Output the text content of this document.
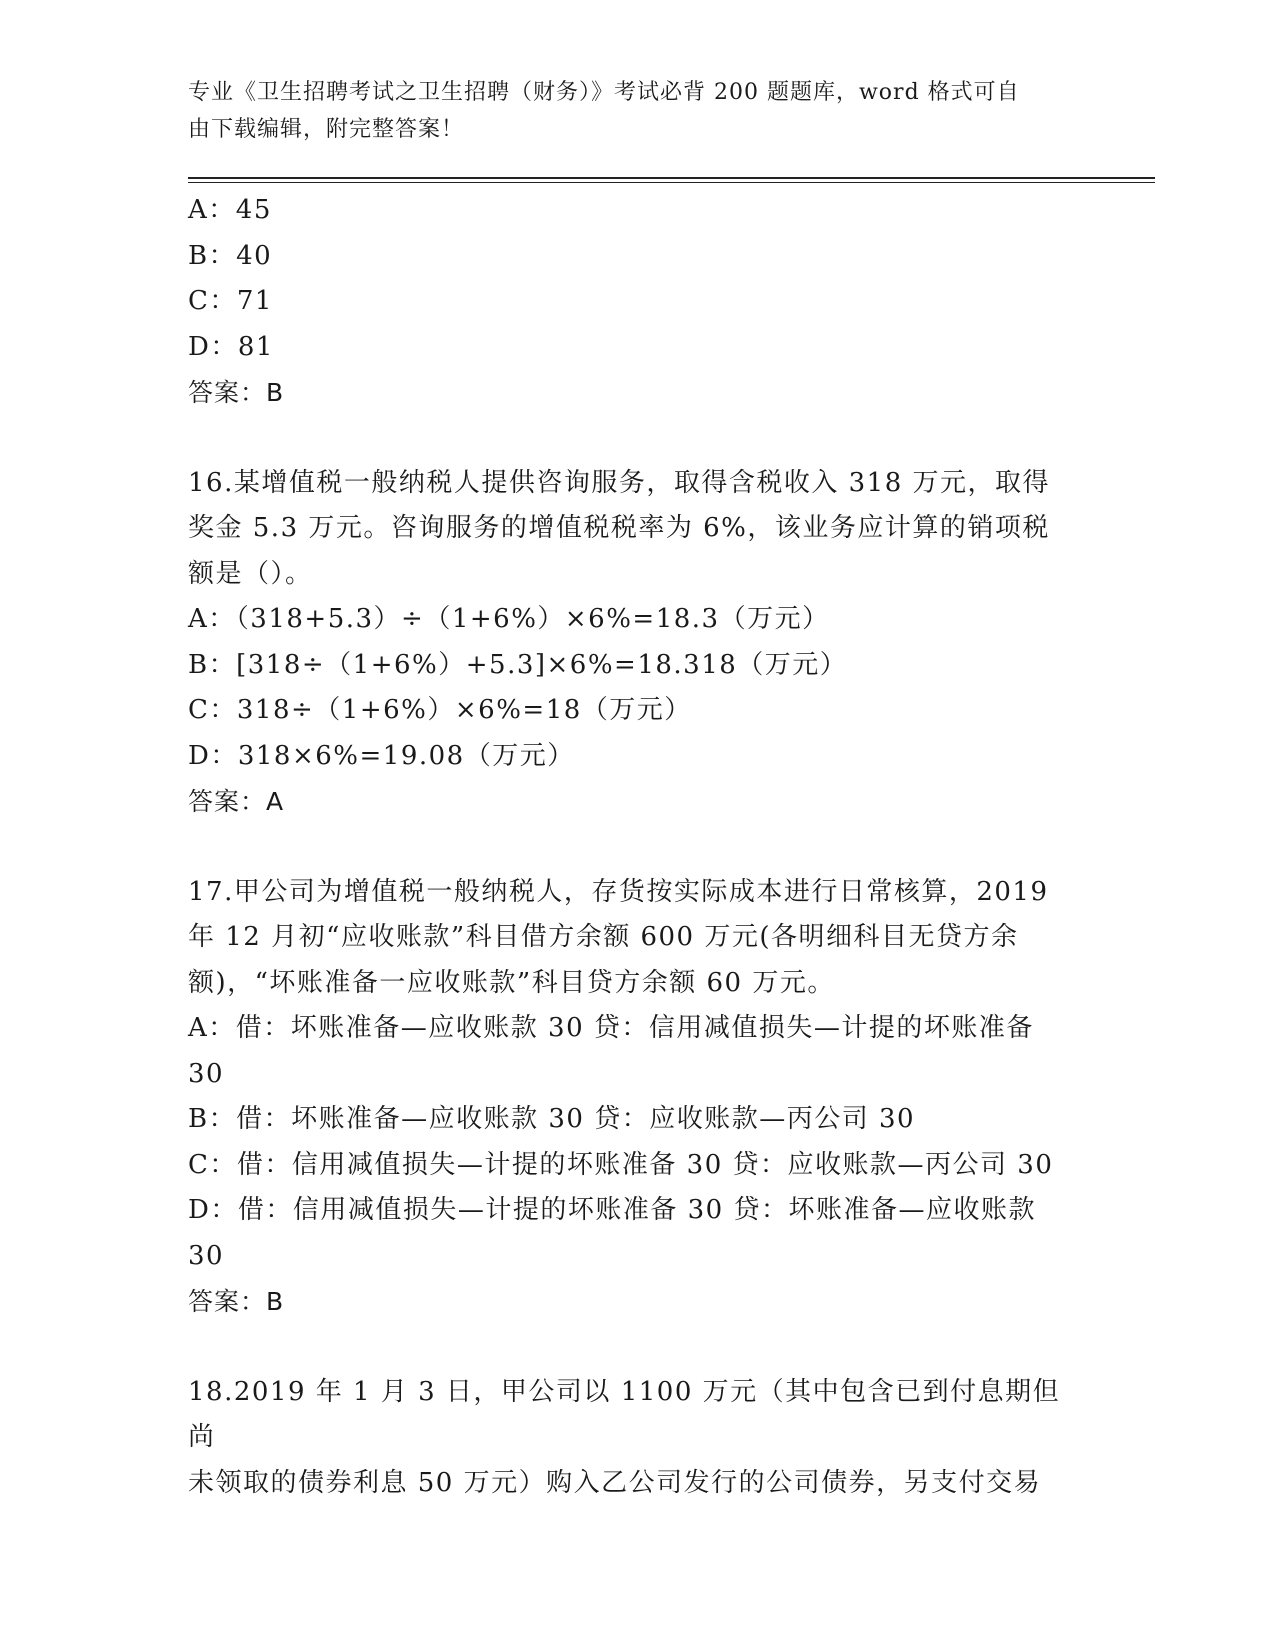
专业《卫生招聘考试之卫生招聘（财务）》考试必背 200 题题库，word 格式可自
由下载编辑，附完整答案！

A：45

B：40

C：71

D：81

答案：B

16.某增值税一般纳税人提供咨询服务，取得含税收入 318 万元，取得

奖金 5.3 万元。咨询服务的增值税税率为 6%，该业务应计算的销项税

额是（）。

A：（318+5.3）÷（1+6%）×6%=18.3（万元）

B：[318÷（1+6%）+5.3]×6%=18.318（万元）

C：318÷（1+6%）×6%=18（万元）

D：318×6%=19.08（万元）

答案：A

17.甲公司为增值税一般纳税人，存货按实际成本进行日常核算，2019

年 12 月初“应收账款”科目借方余额 600 万元(各明细科目无贷方余

额)，“坏账准备一应收账款”科目贷方余额 60 万元。

A：借：坏账准备—应收账款 30 贷：信用减值损失—计提的坏账准备

30

B：借：坏账准备—应收账款 30 贷：应收账款—丙公司 30

C：借：信用减值损失—计提的坏账准备 30 贷：应收账款—丙公司 30

D：借：信用减值损失—计提的坏账准备 30 贷：坏账准备—应收账款

30

答案：B

18.2019 年 1 月 3 日，甲公司以 1100 万元（其中包含已到付息期但尚

未领取的债券利息 50 万元）购入乙公司发行的公司债券，另支付交易
